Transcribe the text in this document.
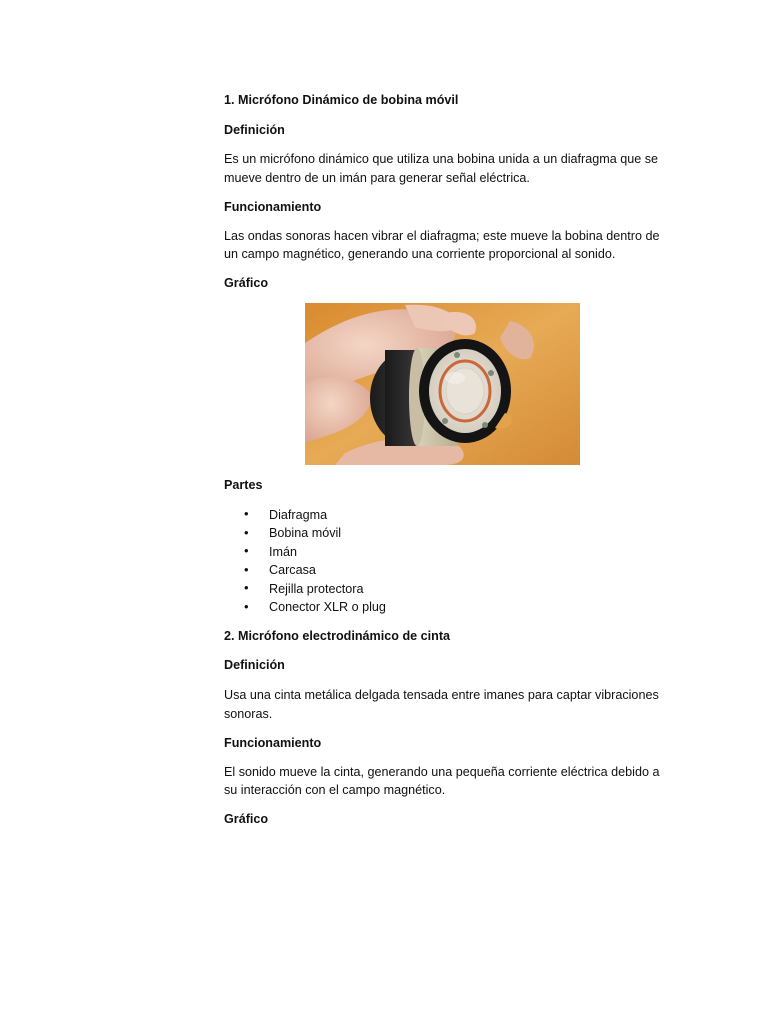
1. Micrófono Dinámico de bobina móvil
Definición
Es un micrófono dinámico que utiliza una bobina unida a un diafragma que se
mueve dentro de un imán para generar señal eléctrica.
Funcionamiento
Las ondas sonoras hacen vibrar el diafragma; este mueve la bobina dentro de
un campo magnético, generando una corriente proporcional al sonido.
Gráfico
Partes
• Diafragma
• Bobina móvil
• Imán
• Carcasa
• Rejilla protectora
• Conector XLR o plug
2. Micrófono electrodinámico de cinta
Definición
Usa una cinta metálica delgada tensada entre imanes para captar vibraciones
sonoras.
Funcionamiento
El sonido mueve la cinta, generando una pequeña corriente eléctrica debido a
su interacción con el campo magnético.
Gráfico
